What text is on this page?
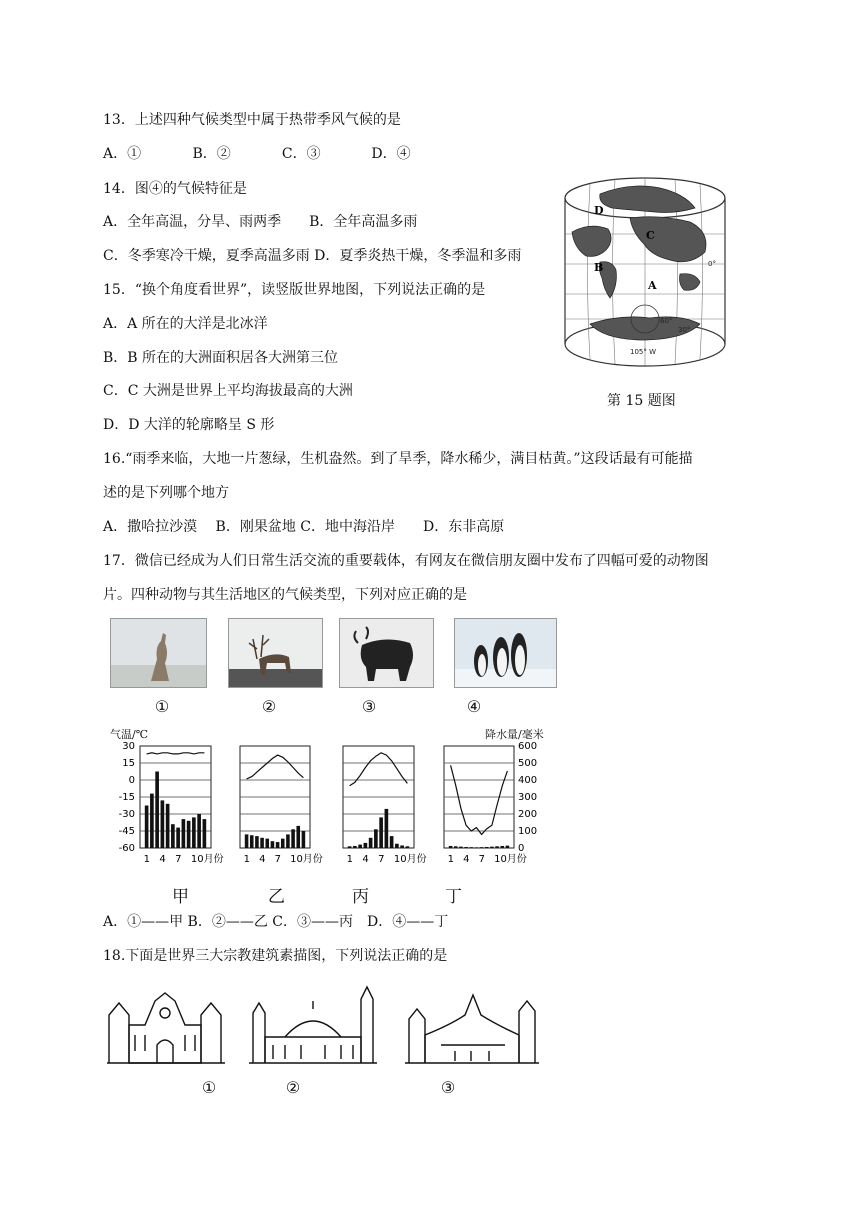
13．上述四种气候类型中属于热带季风气候的是
A．①	B．②	C．③	D．④
14．图④的气候特征是
A．全年高温，分旱、雨两季　　B．全年高温多雨
C．冬季寒冷干燥，夏季高温多雨 D．夏季炎热干燥，冬季温和多雨
15．“换个角度看世界”，读竖版世界地图，下列说法正确的是
A．A 所在的大洋是北冰洋
B．B 所在的大洲面积居各大洲第三位
C．C 大洲是世界上平均海拔最高的大洲
D．D 大洋的轮廓略呈 S 形
D
C
B
A
0°
60°
30°
105° W
第 15 题图
16.“雨季来临，大地一片葱绿，生机盎然。到了旱季，降水稀少，满目枯黄。”这段话最有可能描
述的是下列哪个地方
A．撒哈拉沙漠　 B．刚果盆地 C．地中海沿岸　　D．东非高原
17．微信已经成为人们日常生活交流的重要载体，有网友在微信朋友圈中发布了四幅可爱的动物图
片。四种动物与其生活地区的气候类型，下列对应正确的是
①	②	③	④
气温/℃	降水量/毫米
30
15
0
-15
-30
-45
-60
600
500
400
300
200
100
0
1 4 7 10月份 1 4 7 10月份 1 4 7 10月份 1 4 7 10月份
甲	乙	丙	丁
A．①——甲 B．②——乙 C．③——丙　D．④——丁
18.下面是世界三大宗教建筑素描图，下列说法正确的是
①	②	③
